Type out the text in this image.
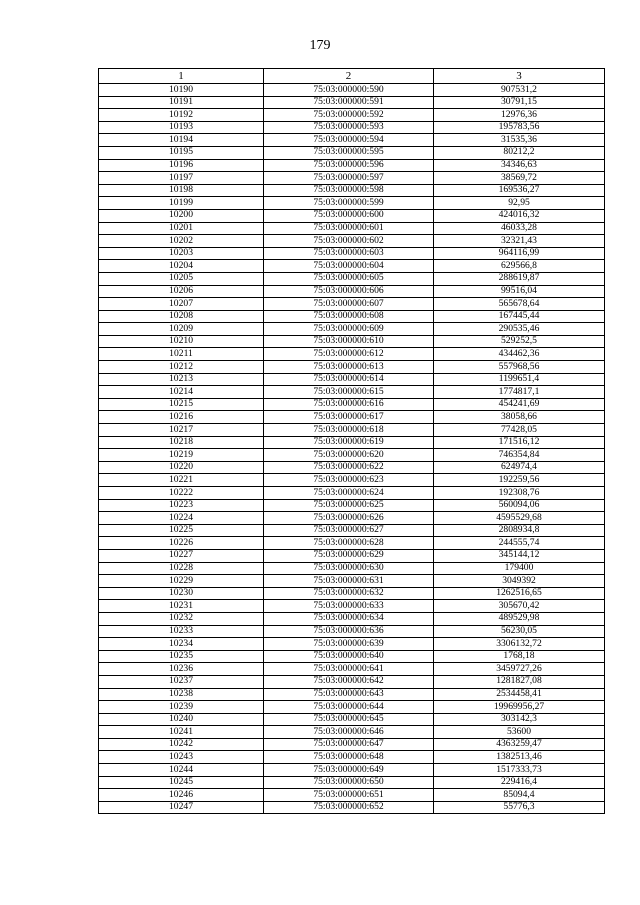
179
1	2	3
10190	75:03:000000:590	907531,2
10191	75:03:000000:591	30791,15
10192	75:03:000000:592	12976,36
10193	75:03:000000:593	195783,56
10194	75:03:000000:594	31535,36
10195	75:03:000000:595	80212,2
10196	75:03:000000:596	34346,63
10197	75:03:000000:597	38569,72
10198	75:03:000000:598	169536,27
10199	75:03:000000:599	92,95
10200	75:03:000000:600	424016,32
10201	75:03:000000:601	46033,28
10202	75:03:000000:602	32321,43
10203	75:03:000000:603	964116,99
10204	75:03:000000:604	629566,8
10205	75:03:000000:605	288619,87
10206	75:03:000000:606	99516,04
10207	75:03:000000:607	565678,64
10208	75:03:000000:608	167445,44
10209	75:03:000000:609	290535,46
10210	75:03:000000:610	529252,5
10211	75:03:000000:612	434462,36
10212	75:03:000000:613	557968,56
10213	75:03:000000:614	1199651,4
10214	75:03:000000:615	1774817,1
10215	75:03:000000:616	454241,69
10216	75:03:000000:617	38058,66
10217	75:03:000000:618	77428,05
10218	75:03:000000:619	171516,12
10219	75:03:000000:620	746354,84
10220	75:03:000000:622	624974,4
10221	75:03:000000:623	192259,56
10222	75:03:000000:624	192308,76
10223	75:03:000000:625	560094,06
10224	75:03:000000:626	4595529,68
10225	75:03:000000:627	2808934,8
10226	75:03:000000:628	244555,74
10227	75:03:000000:629	345144,12
10228	75:03:000000:630	179400
10229	75:03:000000:631	3049392
10230	75:03:000000:632	1262516,65
10231	75:03:000000:633	305670,42
10232	75:03:000000:634	489529,98
10233	75:03:000000:636	56230,05
10234	75:03:000000:639	3306132,72
10235	75:03:000000:640	1768,18
10236	75:03:000000:641	3459727,26
10237	75:03:000000:642	1281827,08
10238	75:03:000000:643	2534458,41
10239	75:03:000000:644	19969956,27
10240	75:03:000000:645	303142,3
10241	75:03:000000:646	53600
10242	75:03:000000:647	4363259,47
10243	75:03:000000:648	1382513,46
10244	75:03:000000:649	1517333,73
10245	75:03:000000:650	229416,4
10246	75:03:000000:651	85094,4
10247	75:03:000000:652	55776,3
